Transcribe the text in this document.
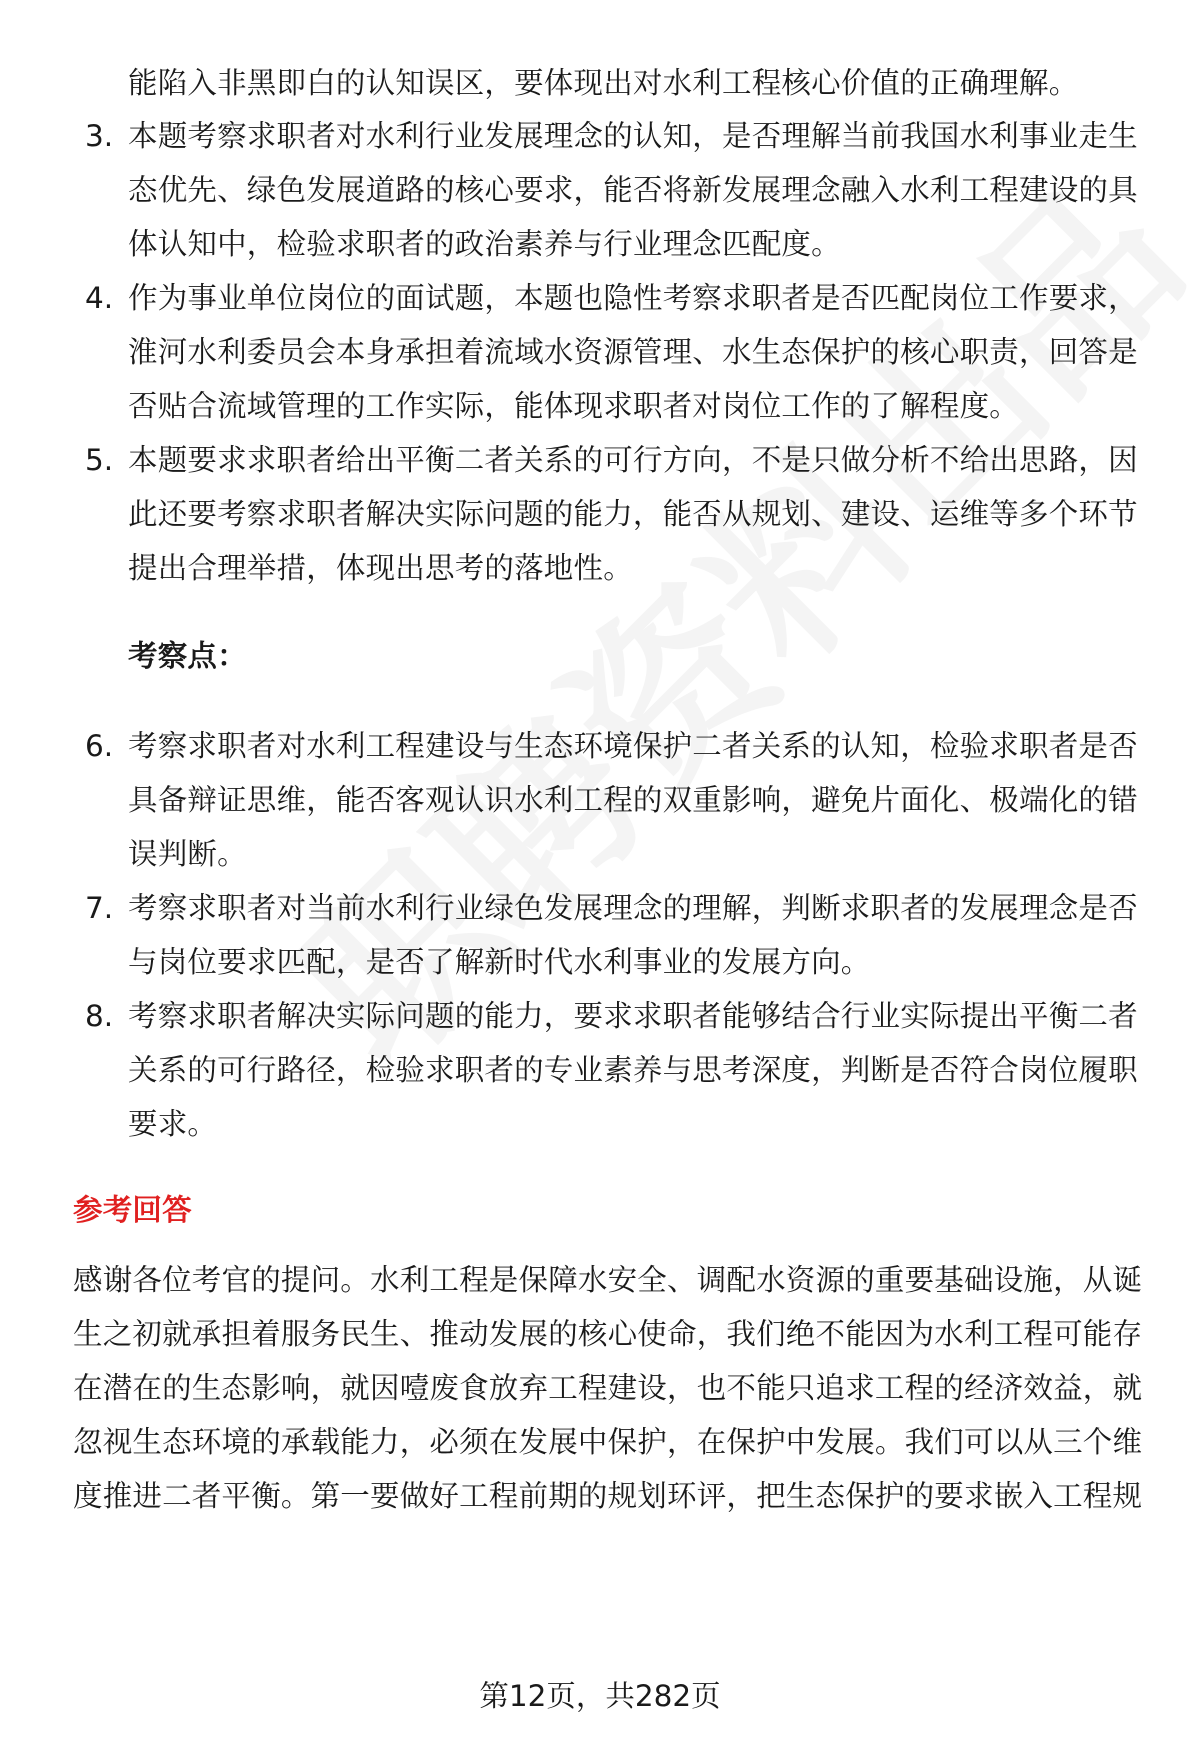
能陷入非黑即白的认知误区，要体现出对水利工程核心价值的正确理解。
3. 本题考察求职者对水利行业发展理念的认知，是否理解当前我国水利事业走生
态优先、绿色发展道路的核心要求，能否将新发展理念融入水利工程建设的具
体认知中，检验求职者的政治素养与行业理念匹配度。
4. 作为事业单位岗位的面试题，本题也隐性考察求职者是否匹配岗位工作要求，
淮河水利委员会本身承担着流域水资源管理、水生态保护的核心职责，回答是
否贴合流域管理的工作实际，能体现求职者对岗位工作的了解程度。
5. 本题要求求职者给出平衡二者关系的可行方向，不是只做分析不给出思路，因
此还要考察求职者解决实际问题的能力，能否从规划、建设、运维等多个环节
提出合理举措，体现出思考的落地性。
考察点：
6. 考察求职者对水利工程建设与生态环境保护二者关系的认知，检验求职者是否
具备辩证思维，能否客观认识水利工程的双重影响，避免片面化、极端化的错
误判断。
7. 考察求职者对当前水利行业绿色发展理念的理解，判断求职者的发展理念是否
与岗位要求匹配，是否了解新时代水利事业的发展方向。
8. 考察求职者解决实际问题的能力，要求求职者能够结合行业实际提出平衡二者
关系的可行路径，检验求职者的专业素养与思考深度，判断是否符合岗位履职
要求。
参考回答
感谢各位考官的提问。水利工程是保障水安全、调配水资源的重要基础设施，从诞
生之初就承担着服务民生、推动发展的核心使命，我们绝不能因为水利工程可能存
在潜在的生态影响，就因噎废食放弃工程建设，也不能只追求工程的经济效益，就
忽视生态环境的承载能力，必须在发展中保护，在保护中发展。我们可以从三个维
度推进二者平衡。第一要做好工程前期的规划环评，把生态保护的要求嵌入工程规
第12页，共282页
